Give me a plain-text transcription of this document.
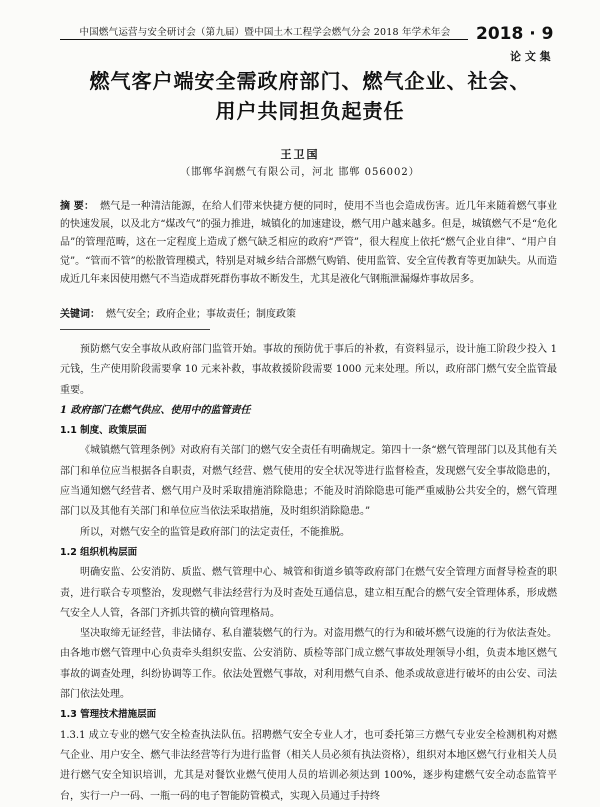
中国燃气运营与安全研讨会（第九届）暨中国土木工程学会燃气分会 2018 年学术年会	2018 · 9
论 文 集
燃气客户端安全需政府部门、燃气企业、社会、
用户共同担负起责任
王卫国
（邯郸华润燃气有限公司，河北 邯郸 056002）
摘 要： 燃气是一种清洁能源，在给人们带来快捷方便的同时，使用不当也会造成伤害。近几年来随着燃气事业的快速发展，以及北方“煤改气”的强力推进，城镇化的加速建设，燃气用户越来越多。但是，城镇燃气不是“危化品”的管理范畴，这在一定程度上造成了燃气缺乏相应的政府“严管”，很大程度上依托“燃气企业自律”、“用户自觉”。“管而不管”的松散管理模式，特别是对城乡结合部燃气购销、使用监管、安全宣传教育等更加缺失。从而造成近几年来因使用燃气不当造成群死群伤事故不断发生，尤其是液化气钢瓶泄漏爆炸事故居多。
关键词： 燃气安全；政府企业；事故责任；制度政策

预防燃气安全事故从政府部门监管开始。事故的预防优于事后的补救，有资料显示，设计施工阶段少投入 1 元钱，生产使用阶段需要拿 10 元来补救，事故救援阶段需要 1000 元来处理。所以，政府部门燃气安全监管最重要。

1 政府部门在燃气供应、使用中的监管责任

1.1 制度、政策层面

《城镇燃气管理条例》对政府有关部门的燃气安全责任有明确规定。第四十一条“燃气管理部门以及其他有关部门和单位应当根据各自职责，对燃气经营、燃气使用的安全状况等进行监督检查，发现燃气安全事故隐患的，应当通知燃气经营者、燃气用户及时采取措施消除隐患；不能及时消除隐患可能严重威胁公共安全的，燃气管理部门以及其他有关部门和单位应当依法采取措施，及时组织消除隐患。”

所以，对燃气安全的监管是政府部门的法定责任，不能推脱。

1.2 组织机构层面

明确安监、公安消防、质监、燃气管理中心、城管和街道乡镇等政府部门在燃气安全管理方面督导检查的职责，进行联合专项整治，发现燃气非法经营行为及时查处互通信息，建立相互配合的燃气安全管理体系，形成燃气安全人人管，各部门齐抓共管的横向管理格局。

坚决取缔无证经营，非法储存、私自灌装燃气的行为。对盗用燃气的行为和破坏燃气设施的行为依法查处。由各地市燃气管理中心负责牵头组织安监、公安消防、质检等部门成立燃气事故处理领导小组，负责本地区燃气事故的调查处理，纠纷协调等工作。依法处置燃气事故，对利用燃气自杀、他杀或故意进行破坏的由公安、司法部门依法处理。

1.3 管理技术措施层面

1.3.1 成立专业的燃气安全检查执法队伍。招聘燃气安全专业人才，也可委托第三方燃气专业安全检测机构对燃气企业、用户安全、燃气非法经营等行为进行监督（相关人员必须有执法资格），组织对本地区燃气行业相关人员进行燃气安全知识培训，尤其是对餐饮业燃气使用人员的培训必须达到 100%，逐步构建燃气安全动态监管平台，实行一户一码、一瓶一码的电子智能防管模式，实现入员通过手持终
